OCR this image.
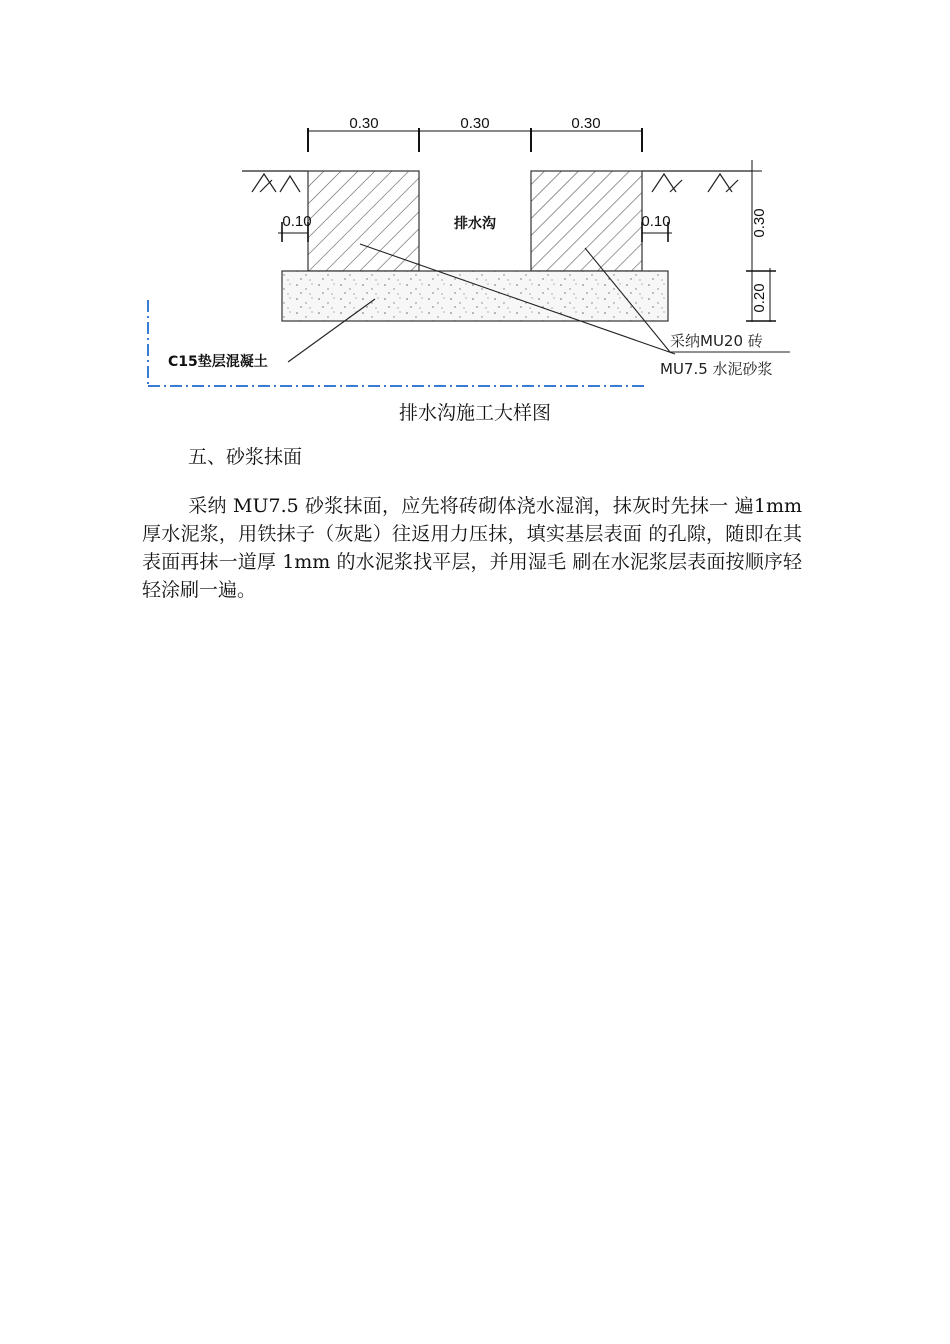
0.30	0.30	0.30
排水沟
0.10	0.10	0.30
0.20
C15垫层混凝土
采纳MU20 砖
MU7.5 水泥砂浆
排水沟施工大样图
五、砂浆抹面
采纳 MU7.5 砂浆抹面，应先将砖砌体浇水湿润，抹灰时先抹一 遍1mm 厚水泥浆，用铁抹子（灰匙）往返用力压抹，填实基层表面 的孔隙，随即在其表面再抹一道厚 1mm 的水泥浆找平层，并用湿毛 刷在水泥浆层表面按顺序轻轻涂刷一遍。
